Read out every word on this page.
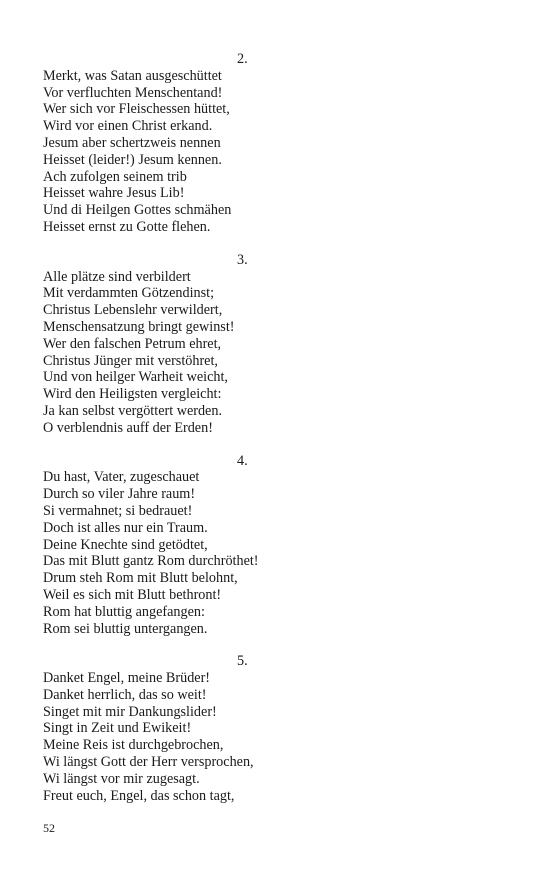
2.

Merkt, was Satan ausgeschüttet
Vor verfluchten Menschentand!
Wer sich vor Fleischessen hüttet,
Wird vor einen Christ erkand.
Jesum aber schertzweis nennen
Heisset (leider!) Jesum kennen.
Ach zufolgen seinem trib
Heisset wahre Jesus Lib!
Und di Heilgen Gottes schmähen
Heisset ernst zu Gotte flehen.

3.

Alle plätze sind verbildert
Mit verdammten Götzendinst;
Christus Lebenslehr verwildert,
Menschensatzung bringt gewinst!
Wer den falschen Petrum ehret,
Christus Jünger mit verstöhret,
Und von heilger Warheit weicht,
Wird den Heiligsten vergleicht:
Ja kan selbst vergöttert werden.
O verblendnis auff der Erden!

4.

Du hast, Vater, zugeschauet
Durch so viler Jahre raum!
Si vermahnet; si bedrauet!
Doch ist alles nur ein Traum.
Deine Knechte sind getödtet,
Das mit Blutt gantz Rom durchröthet!
Drum steh Rom mit Blutt belohnt,
Weil es sich mit Blutt bethront!
Rom hat bluttig angefangen:
Rom sei bluttig untergangen.

5.

Danket Engel, meine Brüder!
Danket herrlich, das so weit!
Singet mit mir Dankungslider!
Singt in Zeit und Ewikeit!
Meine Reis ist durchgebrochen,
Wi längst Gott der Herr versprochen,
Wi längst vor mir zugesagt.
Freut euch, Engel, das schon tagt,
52
